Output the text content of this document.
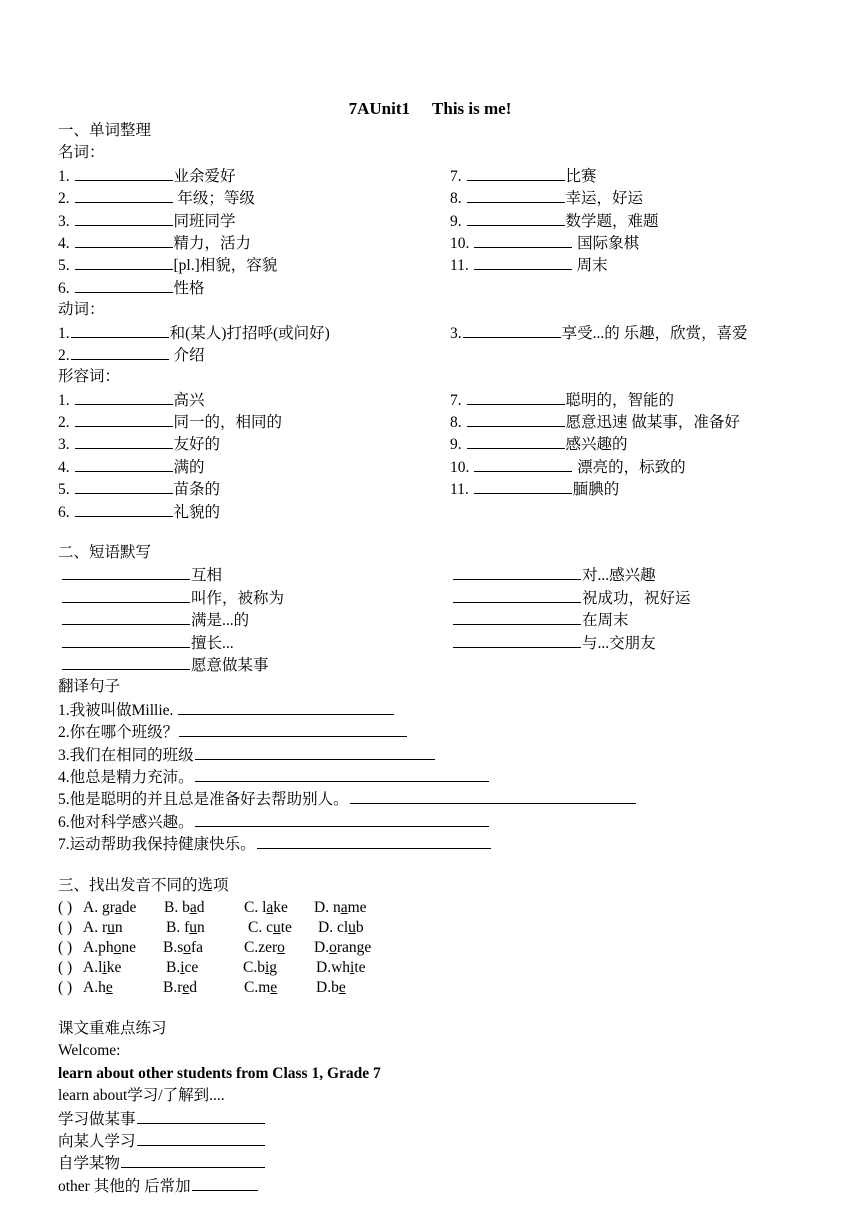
7AUnit1 This is me!
一、单词整理
名词：
1.	业余爱好	7.	比赛
2.	年级；等级	8.	幸运，好运
3.	同班同学	9.	数学题，难题
4.	精力，活力	10.	国际象棋
5.	[pl.]相貌，容貌	11.	周末
6.	性格
动词：
1.	和(某人)打招呼(或问好)	3.	享受...的 乐趣，欣赏，喜爱
2.	介绍
形容词：
1.	高兴	7.	聪明的，智能的
2.	同一的，相同的	8.	愿意迅速 做某事，准备好
3.	友好的	9.	感兴趣的
4.	满的	10.	漂亮的，标致的
5.	苗条的	11.	腼腆的
6.	礼貌的
二、短语默写
互相	对...感兴趣
叫作，被称为	祝成功，祝好运
满是...的	在周末
擅长...	与...交朋友
愿意做某事
翻译句子
1.我被叫做Millie.
2.你在哪个班级？
3.我们在相同的班级
4.他总是精力充沛。
5.他是聪明的并且总是准备好去帮助别人。
6.他对科学感兴趣。
7.运动帮助我保持健康快乐。
三、找出发音不同的选项
( ) A. grade B. bad	C. lake D. name
( ) A. run	B. fun	C. cute D. club
( ) A.phone B.sofa	C.zero D.orange
( ) A.like	B.ice	C.big	D.white
( ) A.he	B.red	C.me	D.be
课文重难点练习
Welcome:
learn about other students from Class 1, Grade 7
learn about学习/了解到....
学习做某事
向某人学习
自学某物
other 其他的 后常加
